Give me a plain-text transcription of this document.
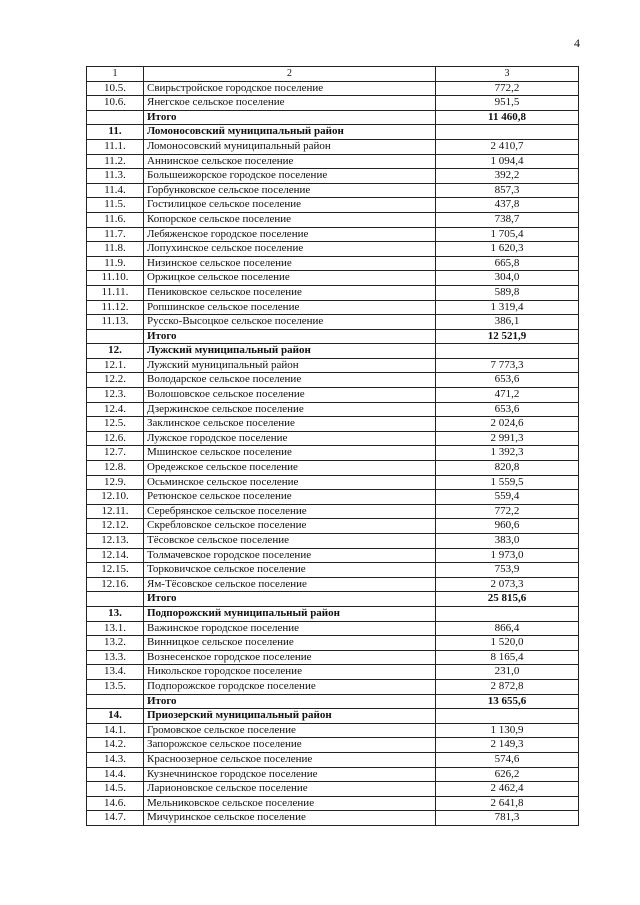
4
1	2	3
10.5.	Свирьстройское городское поселение	772,2
10.6.	Янегское сельское поселение	951,5
	Итого	11 460,8
11.	Ломоносовский муниципальный район	
11.1.	Ломоносовский муниципальный район	2 410,7
11.2.	Аннинское сельское поселение	1 094,4
11.3.	Большеижорское городское поселение	392,2
11.4.	Горбунковское сельское поселение	857,3
11.5.	Гостилицкое сельское поселение	437,8
11.6.	Копорское сельское поселение	738,7
11.7.	Лебяженское городское поселение	1 705,4
11.8.	Лопухинское сельское поселение	1 620,3
11.9.	Низинское сельское поселение	665,8
11.10.	Оржицкое сельское поселение	304,0
11.11.	Пениковское сельское поселение	589,8
11.12.	Ропшинское сельское поселение	1 319,4
11.13.	Русско-Высоцкое сельское поселение	386,1
	Итого	12 521,9
12.	Лужский муниципальный район	
12.1.	Лужский муниципальный район	7 773,3
12.2.	Володарское сельское поселение	653,6
12.3.	Волошовское сельское поселение	471,2
12.4.	Дзержинское сельское поселение	653,6
12.5.	Заклинское сельское поселение	2 024,6
12.6.	Лужское городское поселение	2 991,3
12.7.	Мшинское сельское поселение	1 392,3
12.8.	Оредежское сельское поселение	820,8
12.9.	Осьминское сельское поселение	1 559,5
12.10.	Ретюнское сельское поселение	559,4
12.11.	Серебрянское сельское поселение	772,2
12.12.	Скребловское сельское поселение	960,6
12.13.	Тёсовское сельское поселение	383,0
12.14.	Толмачевское городское поселение	1 973,0
12.15.	Торковичское сельское поселение	753,9
12.16.	Ям-Тёсовское сельское поселение	2 073,3
	Итого	25 815,6
13.	Подпорожский муниципальный район	
13.1.	Важинское городское поселение	866,4
13.2.	Винницкое сельское поселение	1 520,0
13.3.	Вознесенское городское поселение	8 165,4
13.4.	Никольское городское поселение	231,0
13.5.	Подпорожское городское поселение	2 872,8
	Итого	13 655,6
14.	Приозерский муниципальный район	
14.1.	Громовское сельское поселение	1 130,9
14.2.	Запорожское сельское поселение	2 149,3
14.3.	Красноозерное сельское поселение	574,6
14.4.	Кузнечнинское городское поселение	626,2
14.5.	Ларионовское сельское поселение	2 462,4
14.6.	Мельниковское сельское поселение	2 641,8
14.7.	Мичуринское сельское поселение	781,3
